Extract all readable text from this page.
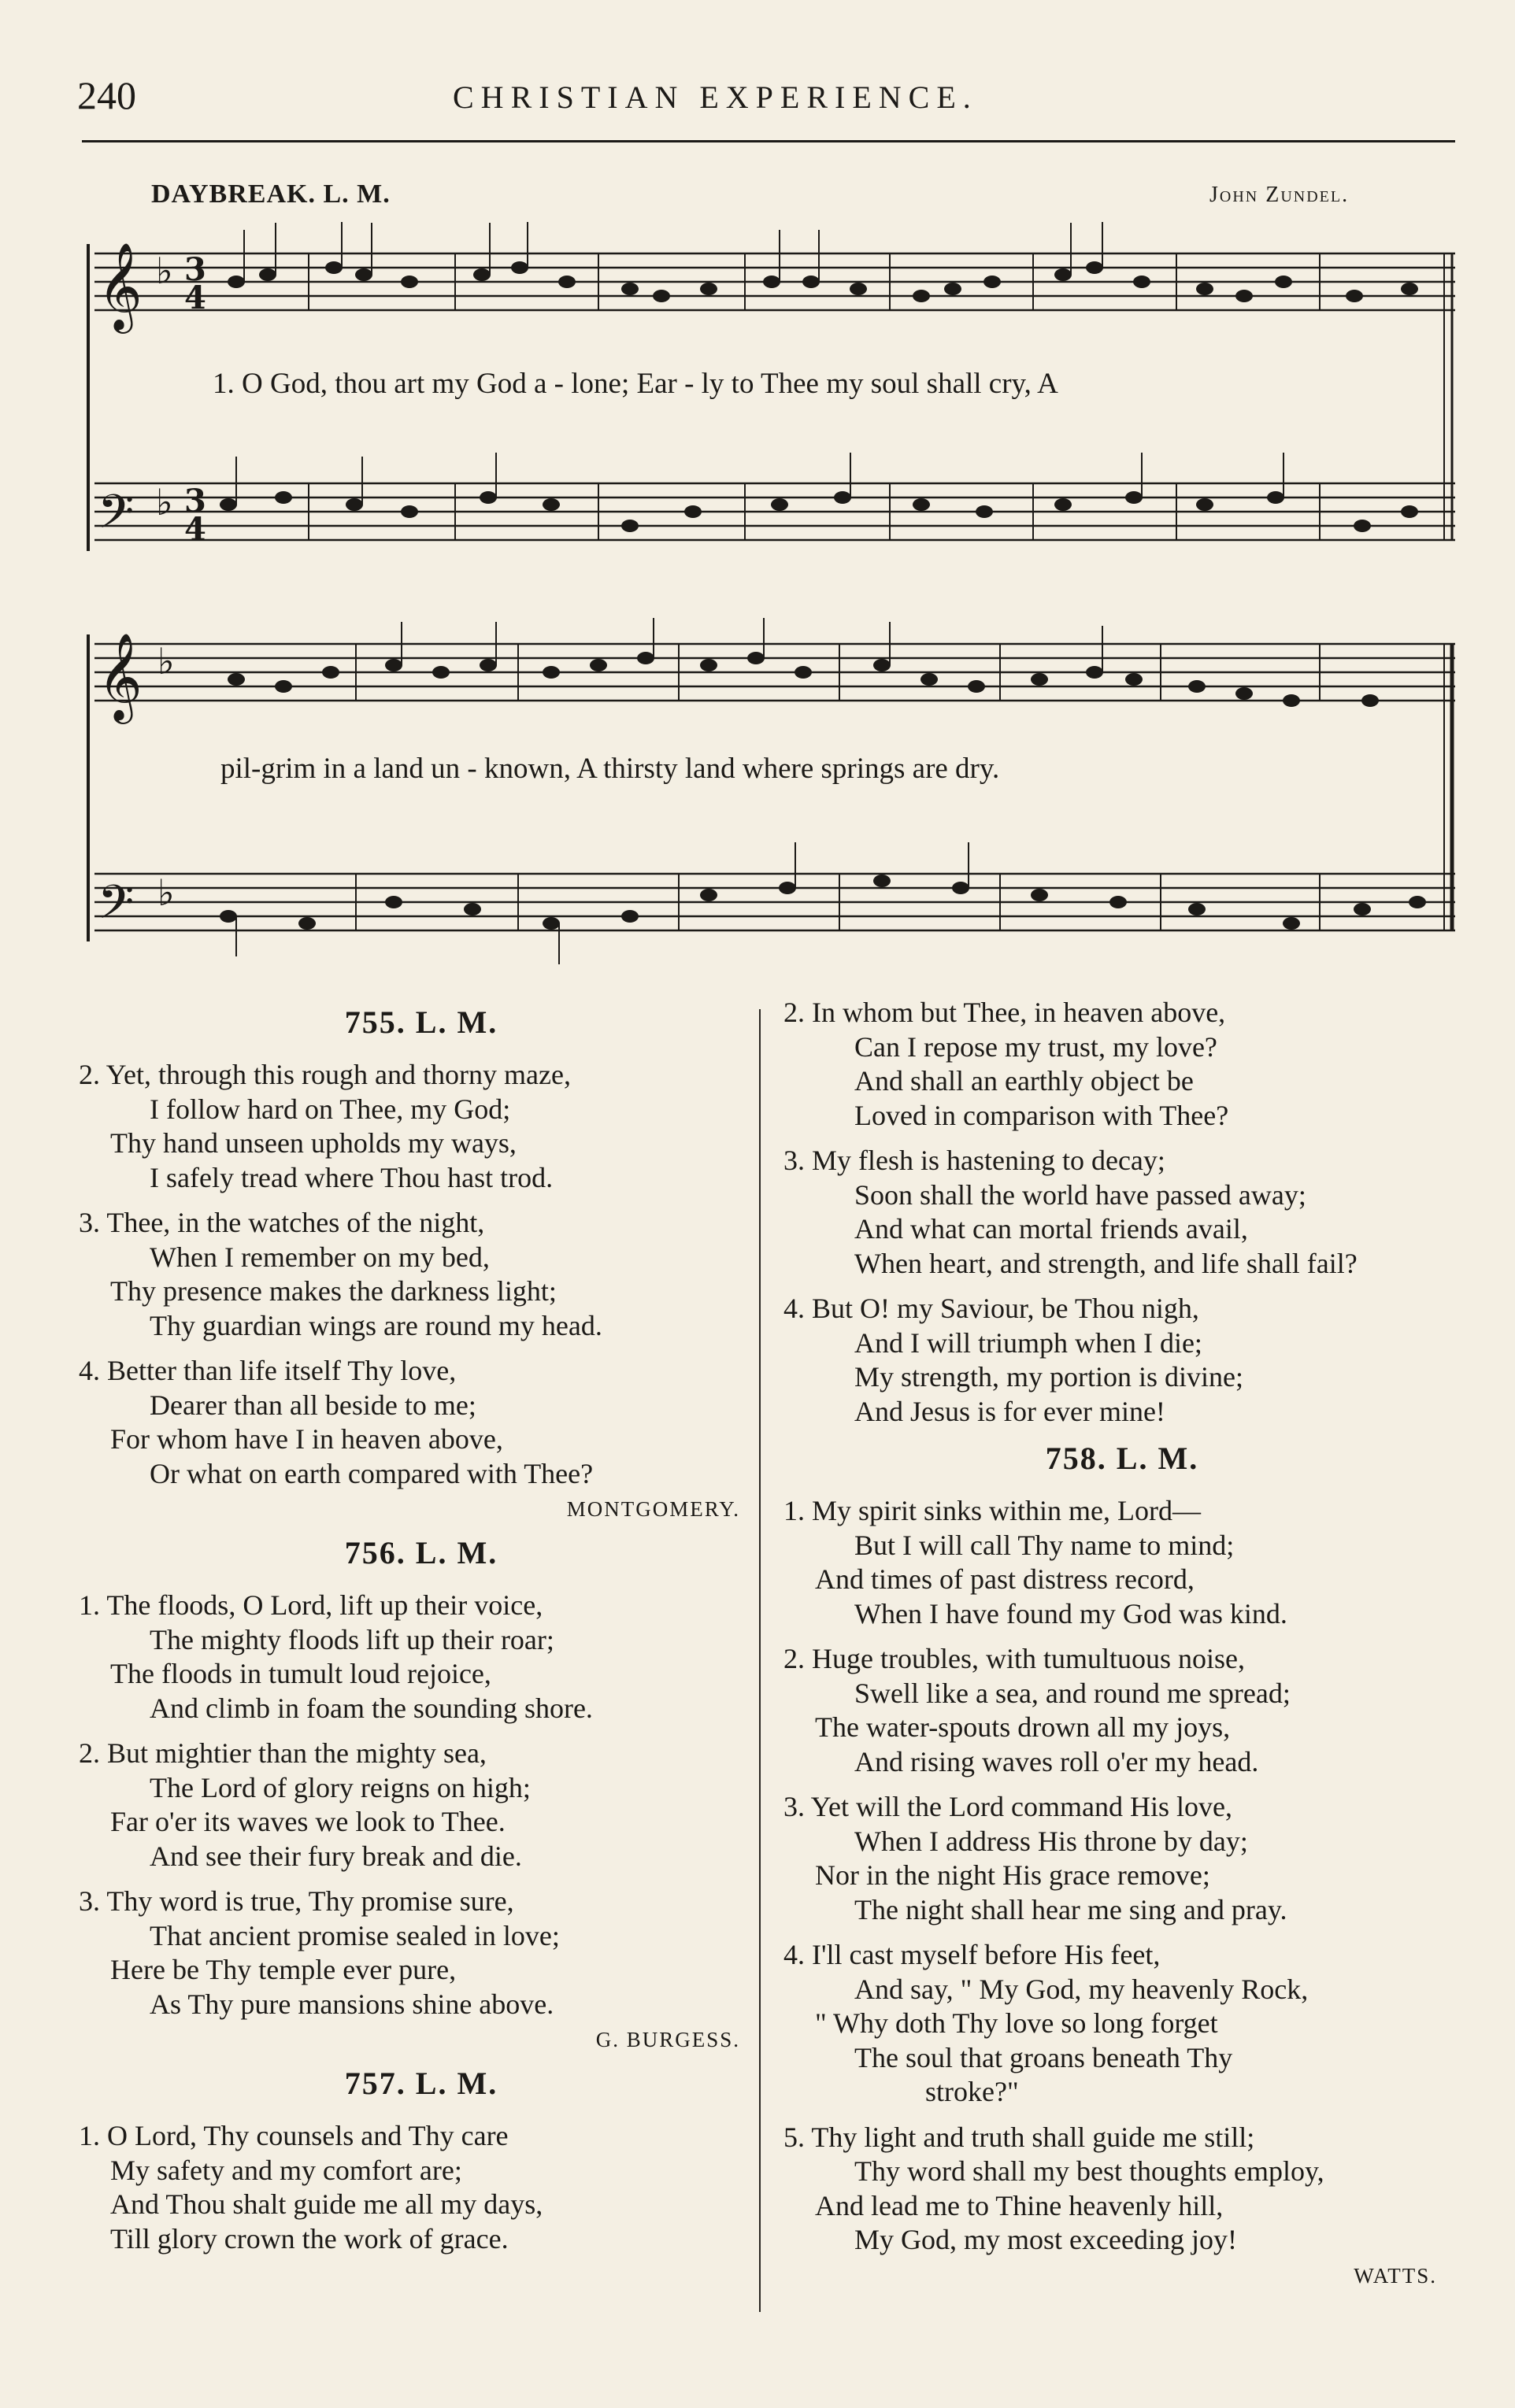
240	CHRISTIAN EXPERIENCE.
DAYBREAK. L. M.	John Zundel.
𝄞
𝄢
𝄞
𝄢
♭
♭
♭
♭
3
4
3
4
1. O God, thou art my God a - lone; Ear - ly to Thee my soul shall cry, A
pil-grim in a land un - known, A thirsty land where springs are dry.
755. L. M.
2. Yet, through this rough and thorny maze,
I follow hard on Thee, my God;
Thy hand unseen upholds my ways,
I safely tread where Thou hast trod.
3. Thee, in the watches of the night,
When I remember on my bed,
Thy presence makes the darkness light;
Thy guardian wings are round my head.
4. Better than life itself Thy love,
Dearer than all beside to me;
For whom have I in heaven above,
Or what on earth compared with Thee?
MONTGOMERY.
756. L. M.
1. The floods, O Lord, lift up their voice,
The mighty floods lift up their roar;
The floods in tumult loud rejoice,
And climb in foam the sounding shore.
2. But mightier than the mighty sea,
The Lord of glory reigns on high;
Far o'er its waves we look to Thee.
And see their fury break and die.
3. Thy word is true, Thy promise sure,
That ancient promise sealed in love;
Here be Thy temple ever pure,
As Thy pure mansions shine above.
G. BURGESS.
757. L. M.
1. O Lord, Thy counsels and Thy care
My safety and my comfort are;
And Thou shalt guide me all my days,
Till glory crown the work of grace.
2. In whom but Thee, in heaven above,
Can I repose my trust, my love?
And shall an earthly object be
Loved in comparison with Thee?
3. My flesh is hastening to decay;
Soon shall the world have passed away;
And what can mortal friends avail,
When heart, and strength, and life shall fail?
4. But O! my Saviour, be Thou nigh,
And I will triumph when I die;
My strength, my portion is divine;
And Jesus is for ever mine!
758. L. M.
1. My spirit sinks within me, Lord—
But I will call Thy name to mind;
And times of past distress record,
When I have found my God was kind.
2. Huge troubles, with tumultuous noise,
Swell like a sea, and round me spread;
The water-spouts drown all my joys,
And rising waves roll o'er my head.
3. Yet will the Lord command His love,
When I address His throne by day;
Nor in the night His grace remove;
The night shall hear me sing and pray.
4. I'll cast myself before His feet,
And say, " My God, my heavenly Rock,
" Why doth Thy love so long forget
The soul that groans beneath Thy
stroke?"
5. Thy light and truth shall guide me still;
Thy word shall my best thoughts employ,
And lead me to Thine heavenly hill,
My God, my most exceeding joy!
WATTS.
